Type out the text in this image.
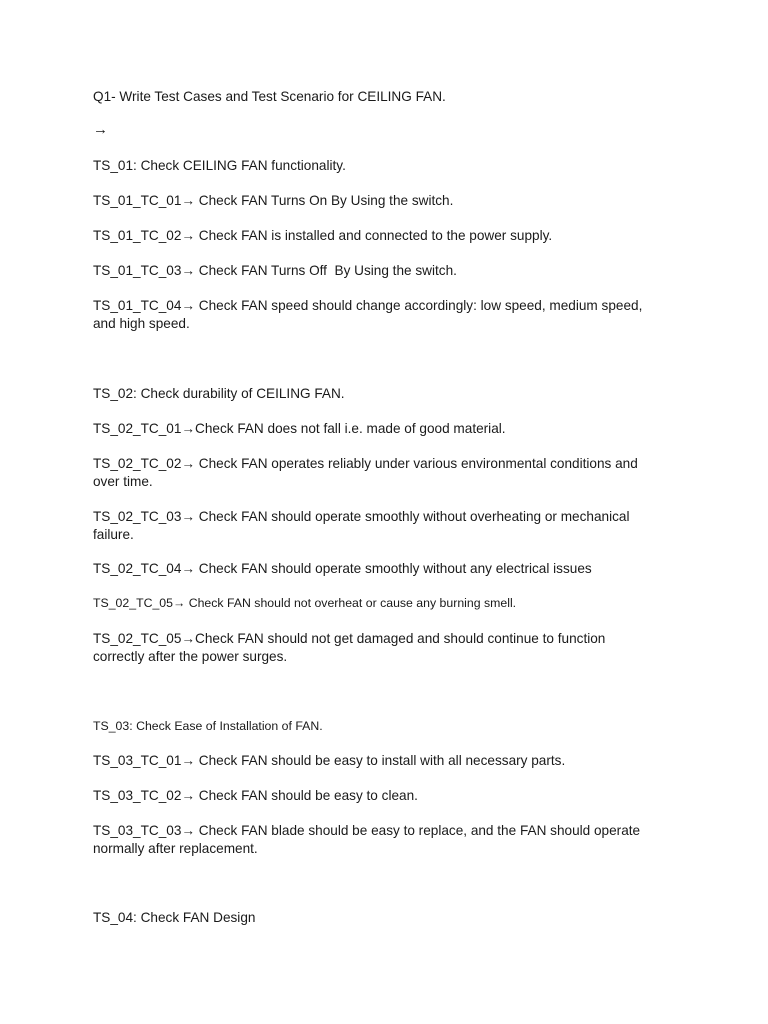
Q1- Write Test Cases and Test Scenario for CEILING FAN.

→

TS_01: Check CEILING FAN functionality.

TS_01_TC_01→ Check FAN Turns On By Using the switch.

TS_01_TC_02→ Check FAN is installed and connected to the power supply.

TS_01_TC_03→ Check FAN Turns Off  By Using the switch.

TS_01_TC_04→ Check FAN speed should change accordingly: low speed, medium speed, and high speed.

TS_02: Check durability of CEILING FAN.

TS_02_TC_01→Check FAN does not fall i.e. made of good material.

TS_02_TC_02→ Check FAN operates reliably under various environmental conditions and over time.

TS_02_TC_03→ Check FAN should operate smoothly without overheating or mechanical failure.

TS_02_TC_04→ Check FAN should operate smoothly without any electrical issues

TS_02_TC_05→ Check FAN should not overheat or cause any burning smell.

TS_02_TC_05→Check FAN should not get damaged and should continue to function correctly after the power surges.

TS_03: Check Ease of Installation of FAN.

TS_03_TC_01→ Check FAN should be easy to install with all necessary parts.

TS_03_TC_02→ Check FAN should be easy to clean.

TS_03_TC_03→ Check FAN blade should be easy to replace, and the FAN should operate normally after replacement.

TS_04: Check FAN Design
